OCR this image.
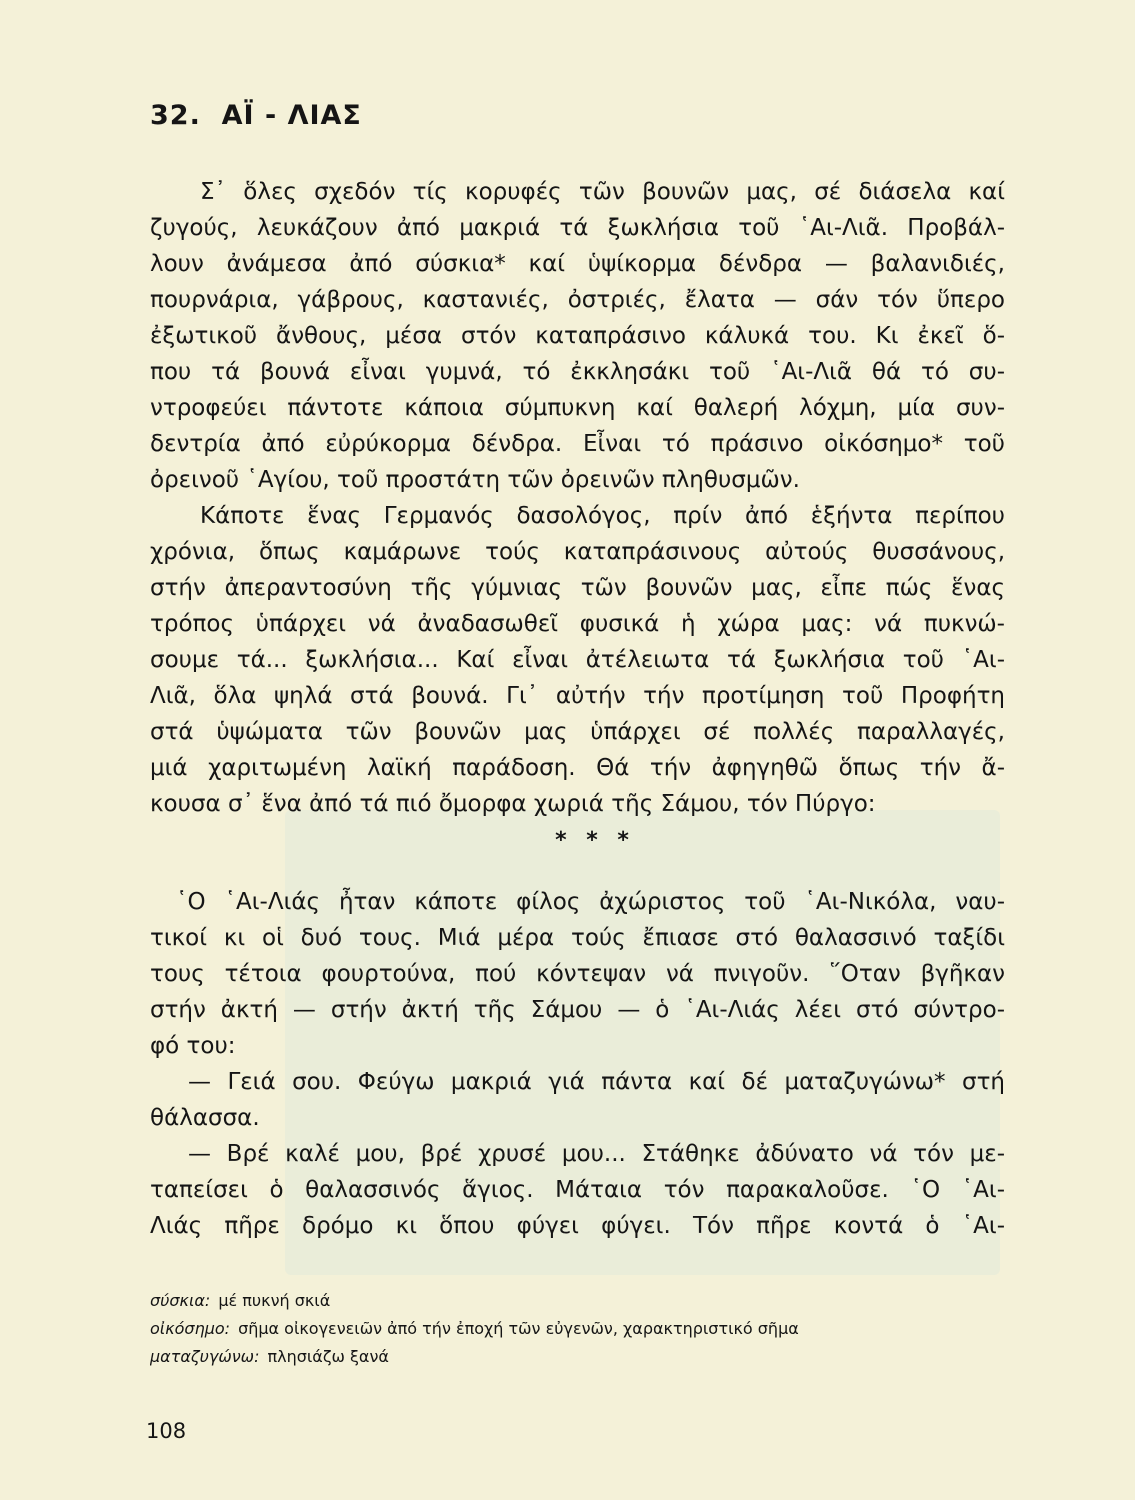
32.  ΑΪ - ΛΙΑΣ
Σ᾽ ὅλες σχεδόν τίς κορυφές τῶν βουνῶν μας, σέ διάσελα καί
ζυγούς, λευκάζουν ἀπό μακριά τά ξωκλήσια τοῦ ῾Αι-Λιᾶ. Προβάλ-
λουν ἀνάμεσα ἀπό σύσκια* καί ὑψίκορμα δένδρα — βαλανιδιές,
πουρνάρια, γάβρους, καστανιές, ὀστριές, ἔλατα — σάν τόν ὕπερο
ἐξωτικοῦ ἄνθους, μέσα στόν καταπράσινο κάλυκά του. Κι ἐκεῖ ὅ-
που τά βουνά εἶναι γυμνά, τό ἐκκλησάκι τοῦ ῾Αι-Λιᾶ θά τό συ-
ντροφεύει πάντοτε κάποια σύμπυκνη καί θαλερή λόχμη, μία συν-
δεντρία ἀπό εὐρύκορμα δένδρα. Εἶναι τό πράσινο οἰκόσημο* τοῦ
ὀρεινοῦ ῾Αγίου, τοῦ προστάτη τῶν ὀρεινῶν πληθυσμῶν.
Κάποτε ἕνας Γερμανός δασολόγος, πρίν ἀπό ἑξήντα περίπου
χρόνια, ὅπως καμάρωνε τούς καταπράσινους αὐτούς θυσσάνους,
στήν ἀπεραντοσύνη τῆς γύμνιας τῶν βουνῶν μας, εἶπε πώς ἕνας
τρόπος ὑπάρχει νά ἀναδασωθεῖ φυσικά ἡ χώρα μας: νά πυκνώ-
σουμε τά... ξωκλήσια... Καί εἶναι ἀτέλειωτα τά ξωκλήσια τοῦ ῾Αι-
Λιᾶ, ὅλα ψηλά στά βουνά. Γι᾽ αὐτήν τήν προτίμηση τοῦ Προφήτη
στά ὑψώματα τῶν βουνῶν μας ὑπάρχει σέ πολλές παραλλαγές,
μιά χαριτωμένη λαϊκή παράδοση. Θά τήν ἀφηγηθῶ ὅπως τήν ἄ-
κουσα σ᾽ ἕνα ἀπό τά πιό ὄμορφα χωριά τῆς Σάμου, τόν Πύργο:
* * *
῾Ο ῾Αι-Λιάς ἦταν κάποτε φίλος ἀχώριστος τοῦ ῾Αι-Νικόλα, ναυ-
τικοί κι οἱ δυό τους. Μιά μέρα τούς ἔπιασε στό θαλασσινό ταξίδι
τους τέτοια φουρτούνα, πού κόντεψαν νά πνιγοῦν. ῞Οταν βγῆκαν
στήν ἀκτή — στήν ἀκτή τῆς Σάμου — ὁ ῾Αι-Λιάς λέει στό σύντρο-
φό του:
— Γειά σου. Φεύγω μακριά γιά πάντα καί δέ ματαζυγώνω* στή
θάλασσα.
— Βρέ καλέ μου, βρέ χρυσέ μου... Στάθηκε ἀδύνατο νά τόν με-
ταπείσει ὁ θαλασσινός ἅγιος. Μάταια τόν παρακαλοῦσε. ῾Ο ῾Αι-
Λιάς πῆρε δρόμο κι ὅπου φύγει φύγει. Τόν πῆρε κοντά ὁ ῾Αι-
σύσκια: μέ πυκνή σκιά
οἰκόσημο: σῆμα οἰκογενειῶν ἀπό τήν ἐποχή τῶν εὐγενῶν, χαρακτηριστικό σῆμα
ματαζυγώνω: πλησιάζω ξανά
108
